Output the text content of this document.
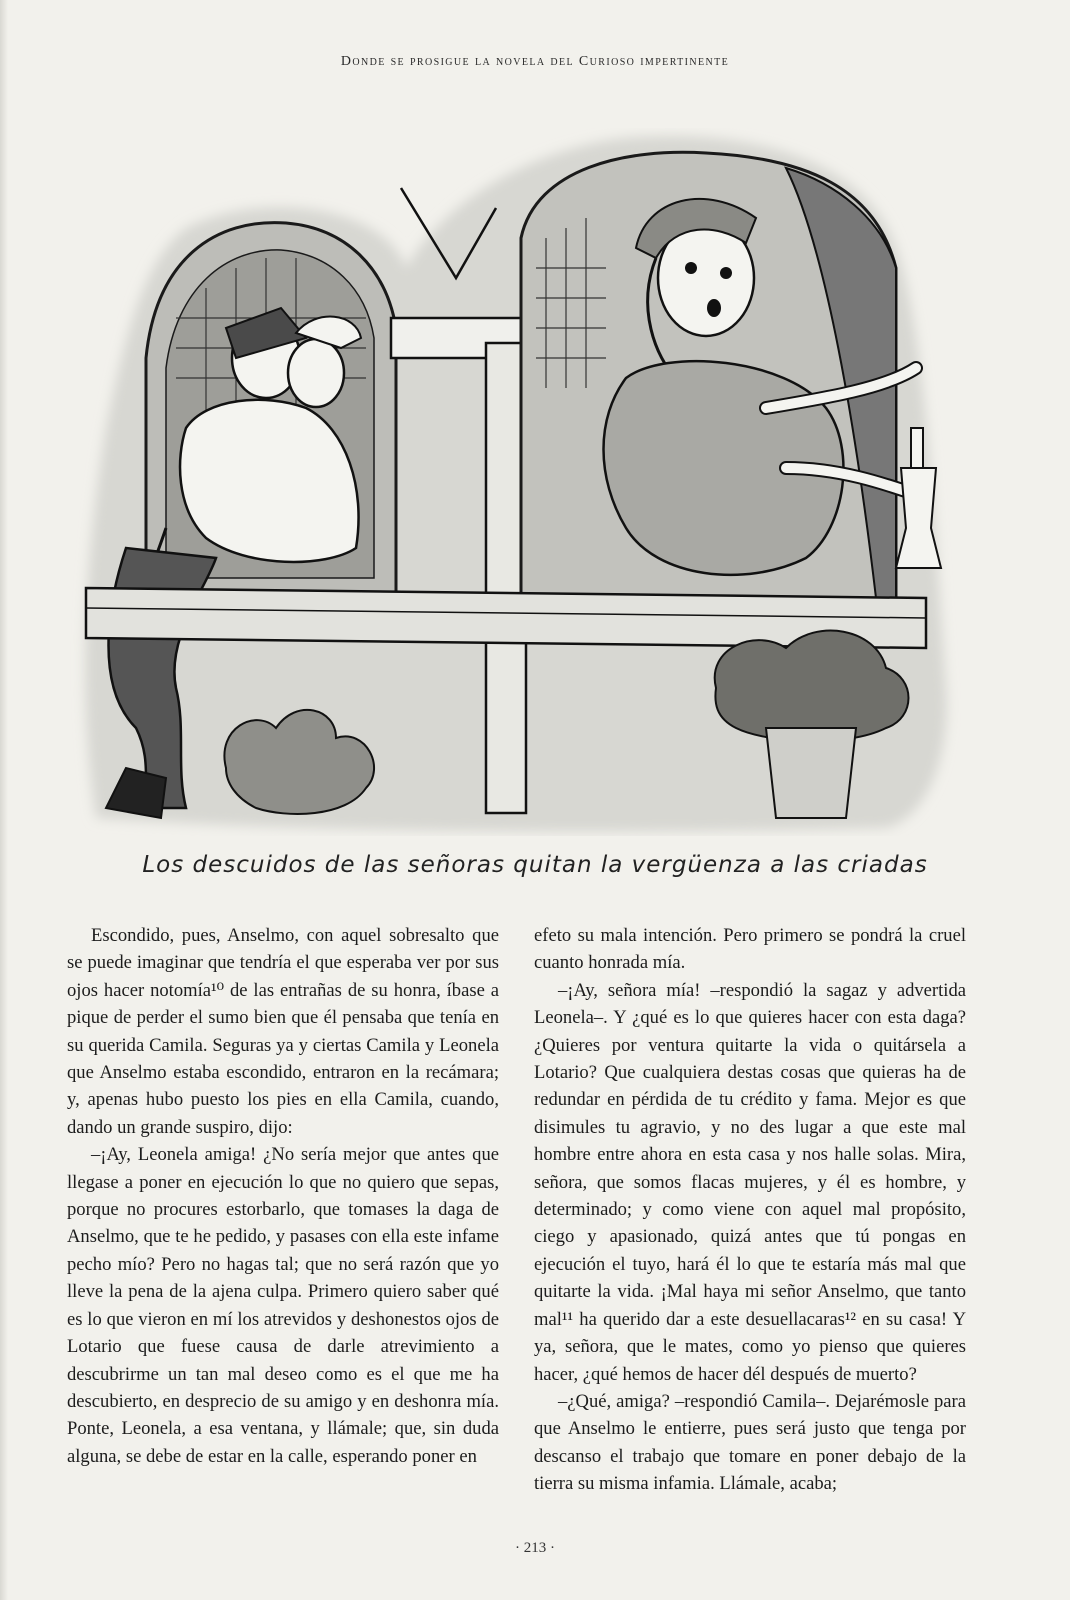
Donde se prosigue la novela del Curioso impertinente
Los descuidos de las señoras quitan la vergüenza a las criadas

Escondido, pues, Anselmo, con aquel sobresalto que se puede imaginar que tendría el que esperaba ver por sus ojos hacer notomía¹⁰ de las entrañas de su honra, íbase a pique de perder el sumo bien que él pensaba que tenía en su querida Camila. Seguras ya y ciertas Camila y Leonela que Anselmo estaba escondido, entraron en la recámara; y, apenas hubo puesto los pies en ella Camila, cuando, dando un grande suspiro, dijo:

–¡Ay, Leonela amiga! ¿No sería mejor que antes que llegase a poner en ejecución lo que no quiero que sepas, porque no procures estorbarlo, que tomases la daga de Anselmo, que te he pedido, y pasases con ella este infame pecho mío? Pero no hagas tal; que no será razón que yo lleve la pena de la ajena culpa. Primero quiero saber qué es lo que vieron en mí los atrevidos y deshonestos ojos de Lotario que fuese causa de darle atrevimiento a descubrirme un tan mal deseo como es el que me ha descubierto, en desprecio de su amigo y en deshonra mía. Ponte, Leonela, a esa ventana, y llámale; que, sin duda alguna, se debe de estar en la calle, esperando poner en

efeto su mala intención. Pero primero se pondrá la cruel cuanto honrada mía.

–¡Ay, señora mía! –respondió la sagaz y advertida Leonela–. Y ¿qué es lo que quieres hacer con esta daga? ¿Quieres por ventura quitarte la vida o quitársela a Lotario? Que cualquiera destas cosas que quieras ha de redundar en pérdida de tu crédito y fama. Mejor es que disimules tu agravio, y no des lugar a que este mal hombre entre ahora en esta casa y nos halle solas. Mira, señora, que somos flacas mujeres, y él es hombre, y determinado; y como viene con aquel mal propósito, ciego y apasionado, quizá antes que tú pongas en ejecución el tuyo, hará él lo que te estaría más mal que quitarte la vida. ¡Mal haya mi señor Anselmo, que tanto mal¹¹ ha querido dar a este desuellacaras¹² en su casa! Y ya, señora, que le mates, como yo pienso que quieres hacer, ¿qué hemos de hacer dél después de muerto?

–¿Qué, amiga? –respondió Camila–. Dejarémosle para que Anselmo le entierre, pues será justo que tenga por descanso el trabajo que tomare en poner debajo de la tierra su misma infamia. Llámale, acaba;

· 213 ·
